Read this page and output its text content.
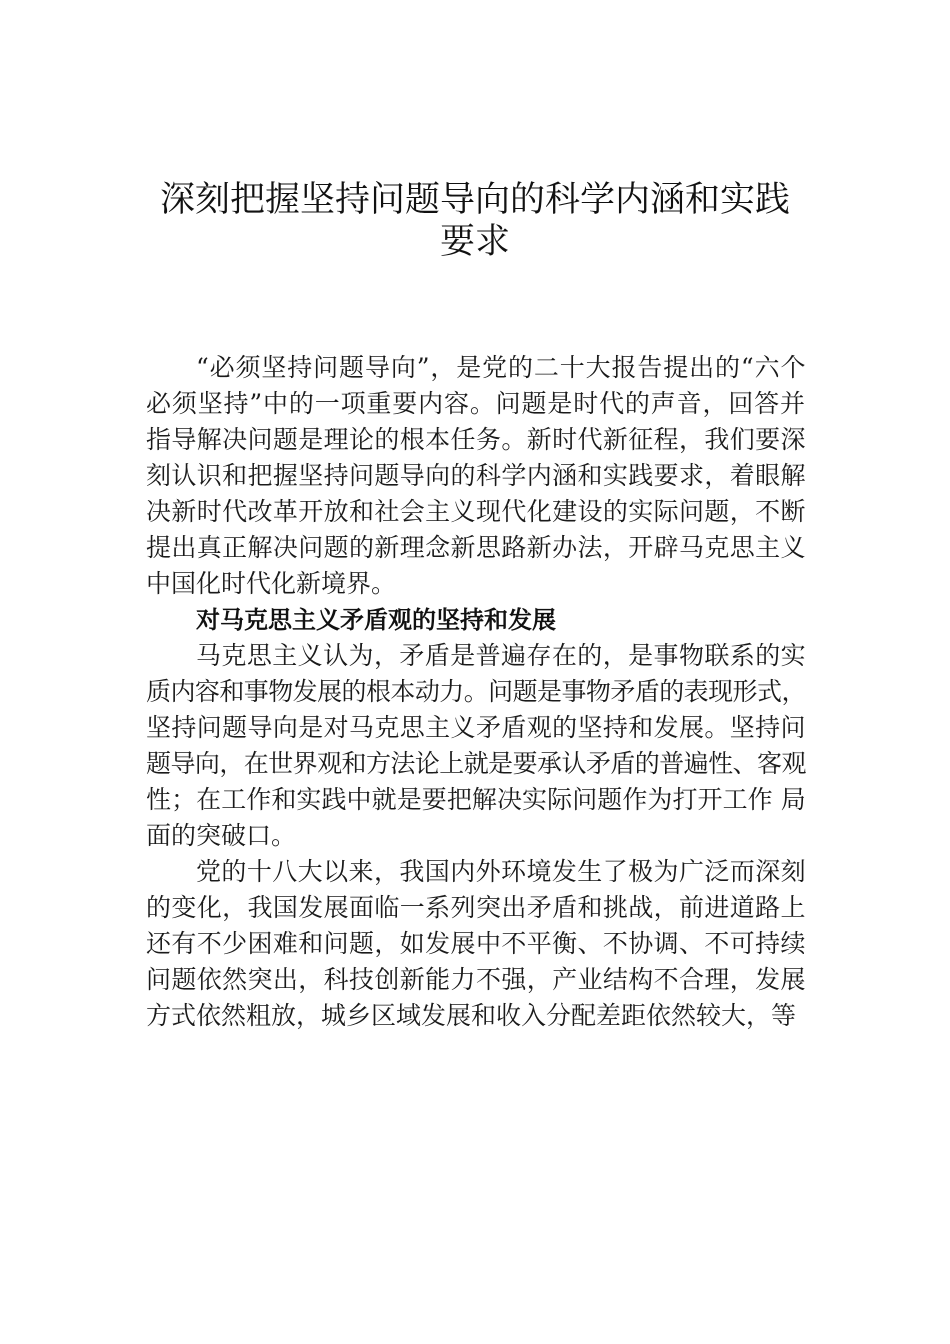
深刻把握坚持问题导向的科学内涵和实践
要求
“必须坚持问题导向”，是党的二十大报告提出的“六个
必须坚持”中的一项重要内容。问题是时代的声音，回答并
指导解决问题是理论的根本任务。新时代新征程，我们要深
刻认识和把握坚持问题导向的科学内涵和实践要求，着眼解
决新时代改革开放和社会主义现代化建设的实际问题，不断
提出真正解决问题的新理念新思路新办法，开辟马克思主义
中国化时代化新境界。
对马克思主义矛盾观的坚持和发展
马克思主义认为，矛盾是普遍存在的，是事物联系的实
质内容和事物发展的根本动力。问题是事物矛盾的表现形式，
坚持问题导向是对马克思主义矛盾观的坚持和发展。坚持问
题导向，在世界观和方法论上就是要承认矛盾的普遍性、客观
性；在工作和实践中就是要把解决实际问题作为打开工作 局
面的突破口。
党的十八大以来，我国内外环境发生了极为广泛而深刻
的变化，我国发展面临一系列突出矛盾和挑战，前进道路上
还有不少困难和问题，如发展中不平衡、不协调、不可持续
问题依然突出，科技创新能力不强，产业结构不合理，发展
方式依然粗放，城乡区域发展和收入分配差距依然较大，等
